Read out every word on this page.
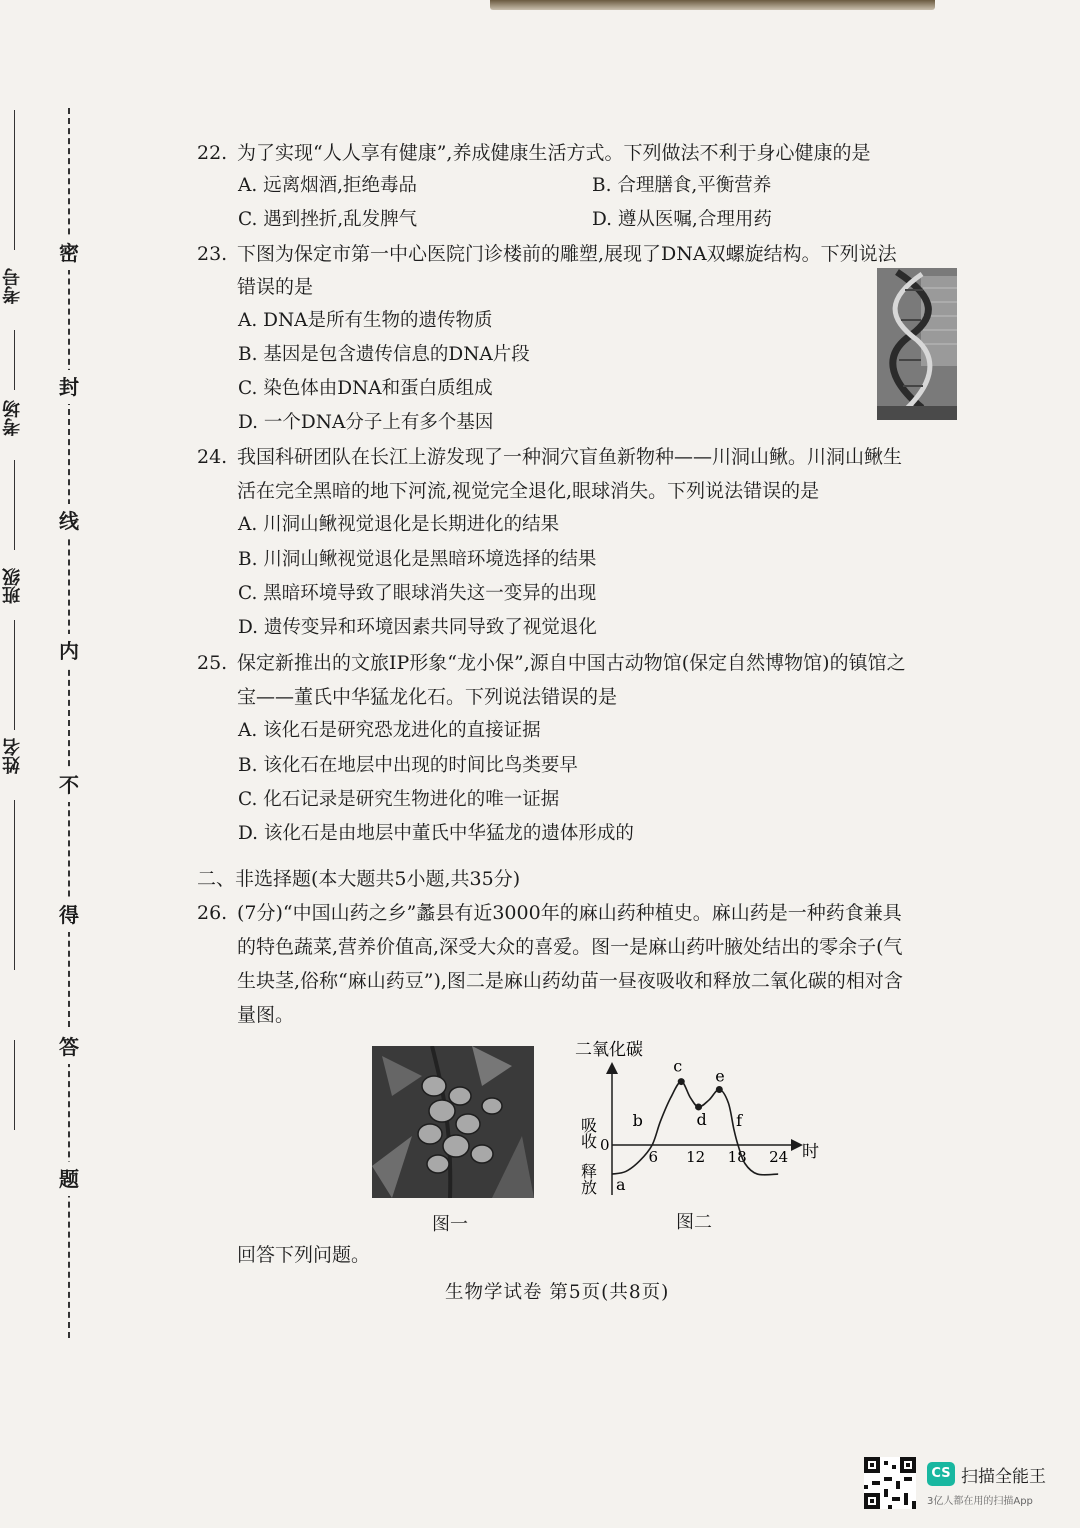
密
封
线
内
不
得
答
题
考号
考场
班级
姓名
22. 为了实现“人人享有健康”,养成健康生活方式。下列做法不利于身心健康的是
A. 远离烟酒,拒绝毒品	B. 合理膳食,平衡营养
C. 遇到挫折,乱发脾气	D. 遵从医嘱,合理用药
23. 下图为保定市第一中心医院门诊楼前的雕塑,展现了DNA双螺旋结构。下列说法
错误的是
A. DNA是所有生物的遗传物质
B. 基因是包含遗传信息的DNA片段
C. 染色体由DNA和蛋白质组成
D. 一个DNA分子上有多个基因
24. 我国科研团队在长江上游发现了一种洞穴盲鱼新物种——川洞山鳅。川洞山鳅生
活在完全黑暗的地下河流,视觉完全退化,眼球消失。下列说法错误的是
A. 川洞山鳅视觉退化是长期进化的结果
B. 川洞山鳅视觉退化是黑暗环境选择的结果
C. 黑暗环境导致了眼球消失这一变异的出现
D. 遗传变异和环境因素共同导致了视觉退化
25. 保定新推出的文旅IP形象“龙小保”,源自中国古动物馆(保定自然博物馆)的镇馆之
宝——董氏中华猛龙化石。下列说法错误的是
A. 该化石是研究恐龙进化的直接证据
B. 该化石在地层中出现的时间比鸟类要早
C. 化石记录是研究生物进化的唯一证据
D. 该化石是由地层中董氏中华猛龙的遗体形成的
二、非选择题(本大题共5小题,共35分)
26. (7分)“中国山药之乡”蠡县有近3000年的麻山药种植史。麻山药是一种药食兼具
的特色蔬菜,营养价值高,深受大众的喜爱。图一是麻山药叶腋处结出的零余子(气
生块茎,俗称“麻山药豆”),图二是麻山药幼苗一昼夜吸收和释放二氧化碳的相对含
量图。
图一
二氧化碳
吸收
释放
0	时
6 12 18 24
a
b
c
d
e
f
图二
回答下列问题。
生物学试卷 第5页(共8页)
CS 扫描全能王
3亿人都在用的扫描App
